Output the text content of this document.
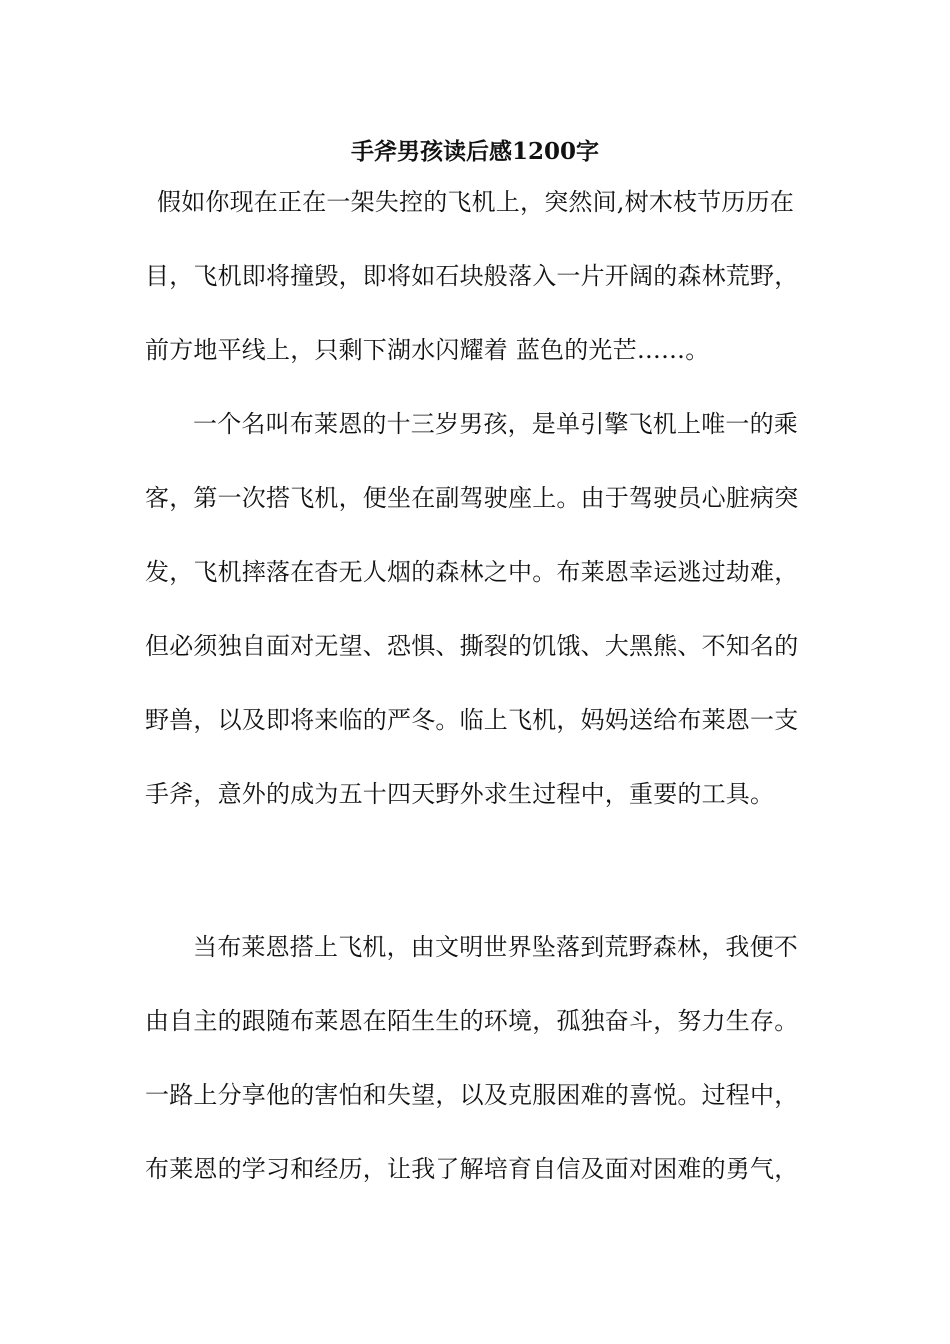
手斧男孩读后感1200字
假如你现在正在一架失控的飞机上，突然间,树木枝节历历在
目，飞机即将撞毁，即将如石块般落入一片开阔的森林荒野，
前方地平线上，只剩下湖水闪耀着 蓝色的光芒……。
一个名叫布莱恩的十三岁男孩，是单引擎飞机上唯一的乘
客，第一次搭飞机，便坐在副驾驶座上。由于驾驶员心脏病突
发，飞机摔落在杳无人烟的森林之中。布莱恩幸运逃过劫难，
但必须独自面对无望、恐惧、撕裂的饥饿、大黑熊、不知名的
野兽，以及即将来临的严冬。临上飞机，妈妈送给布莱恩一支
手斧，意外的成为五十四天野外求生过程中，重要的工具。
当布莱恩搭上飞机，由文明世界坠落到荒野森林，我便不
由自主的跟随布莱恩在陌生生的环境，孤独奋斗，努力生存。
一路上分享他的害怕和失望，以及克服困难的喜悦。过程中，
布莱恩的学习和经历，让我了解培育自信及面对困难的勇气，
